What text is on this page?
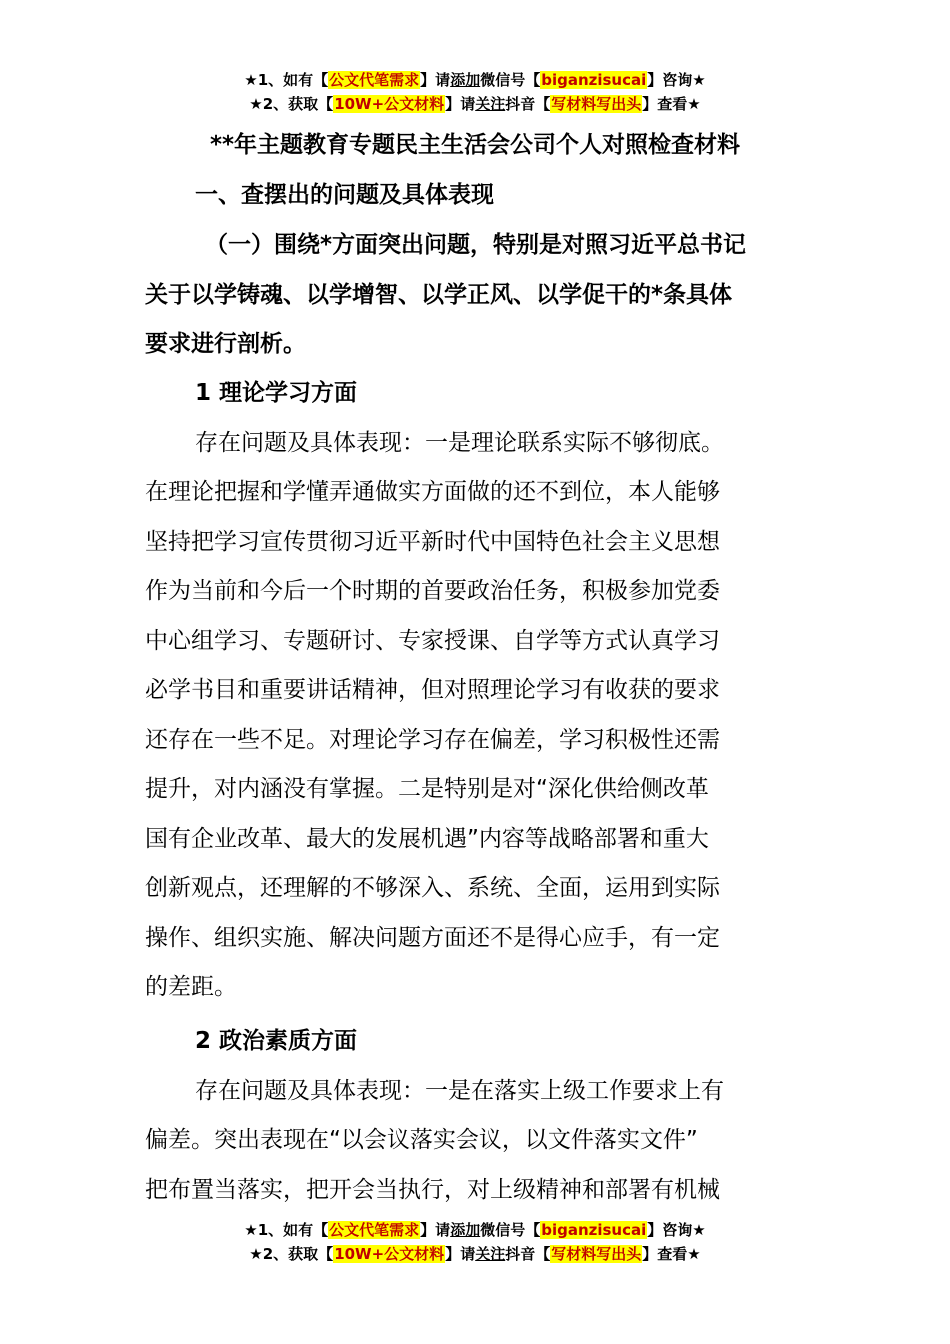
★1、如有【公文代笔需求】请添加微信号【biganzisucai】咨询★
★2、获取【10W+公文材料】请关注抖音【写材料写出头】查看★
**年主题教育专题民主生活会公司个人对照检查材料
一、查摆出的问题及具体表现

（一）围绕*方面突出问题，特别是对照习近平总书记

关于以学铸魂、以学增智、以学正风、以学促干的*条具体

要求进行剖析。

1 理论学习方面

存在问题及具体表现：一是理论联系实际不够彻底。

在理论把握和学懂弄通做实方面做的还不到位，本人能够

坚持把学习宣传贯彻习近平新时代中国特色社会主义思想

作为当前和今后一个时期的首要政治任务，积极参加党委

中心组学习、专题研讨、专家授课、自学等方式认真学习

必学书目和重要讲话精神，但对照理论学习有收获的要求

还存在一些不足。对理论学习存在偏差，学习积极性还需

提升，对内涵没有掌握。二是特别是对“深化供给侧改革

国有企业改革、最大的发展机遇”内容等战略部署和重大

创新观点，还理解的不够深入、系统、全面，运用到实际

操作、组织实施、解决问题方面还不是得心应手，有一定

的差距。

2 政治素质方面

存在问题及具体表现：一是在落实上级工作要求上有

偏差。突出表现在“以会议落实会议，以文件落实文件”

把布置当落实，把开会当执行，对上级精神和部署有机械

★1、如有【公文代笔需求】请添加微信号【biganzisucai】咨询★
★2、获取【10W+公文材料】请关注抖音【写材料写出头】查看★
